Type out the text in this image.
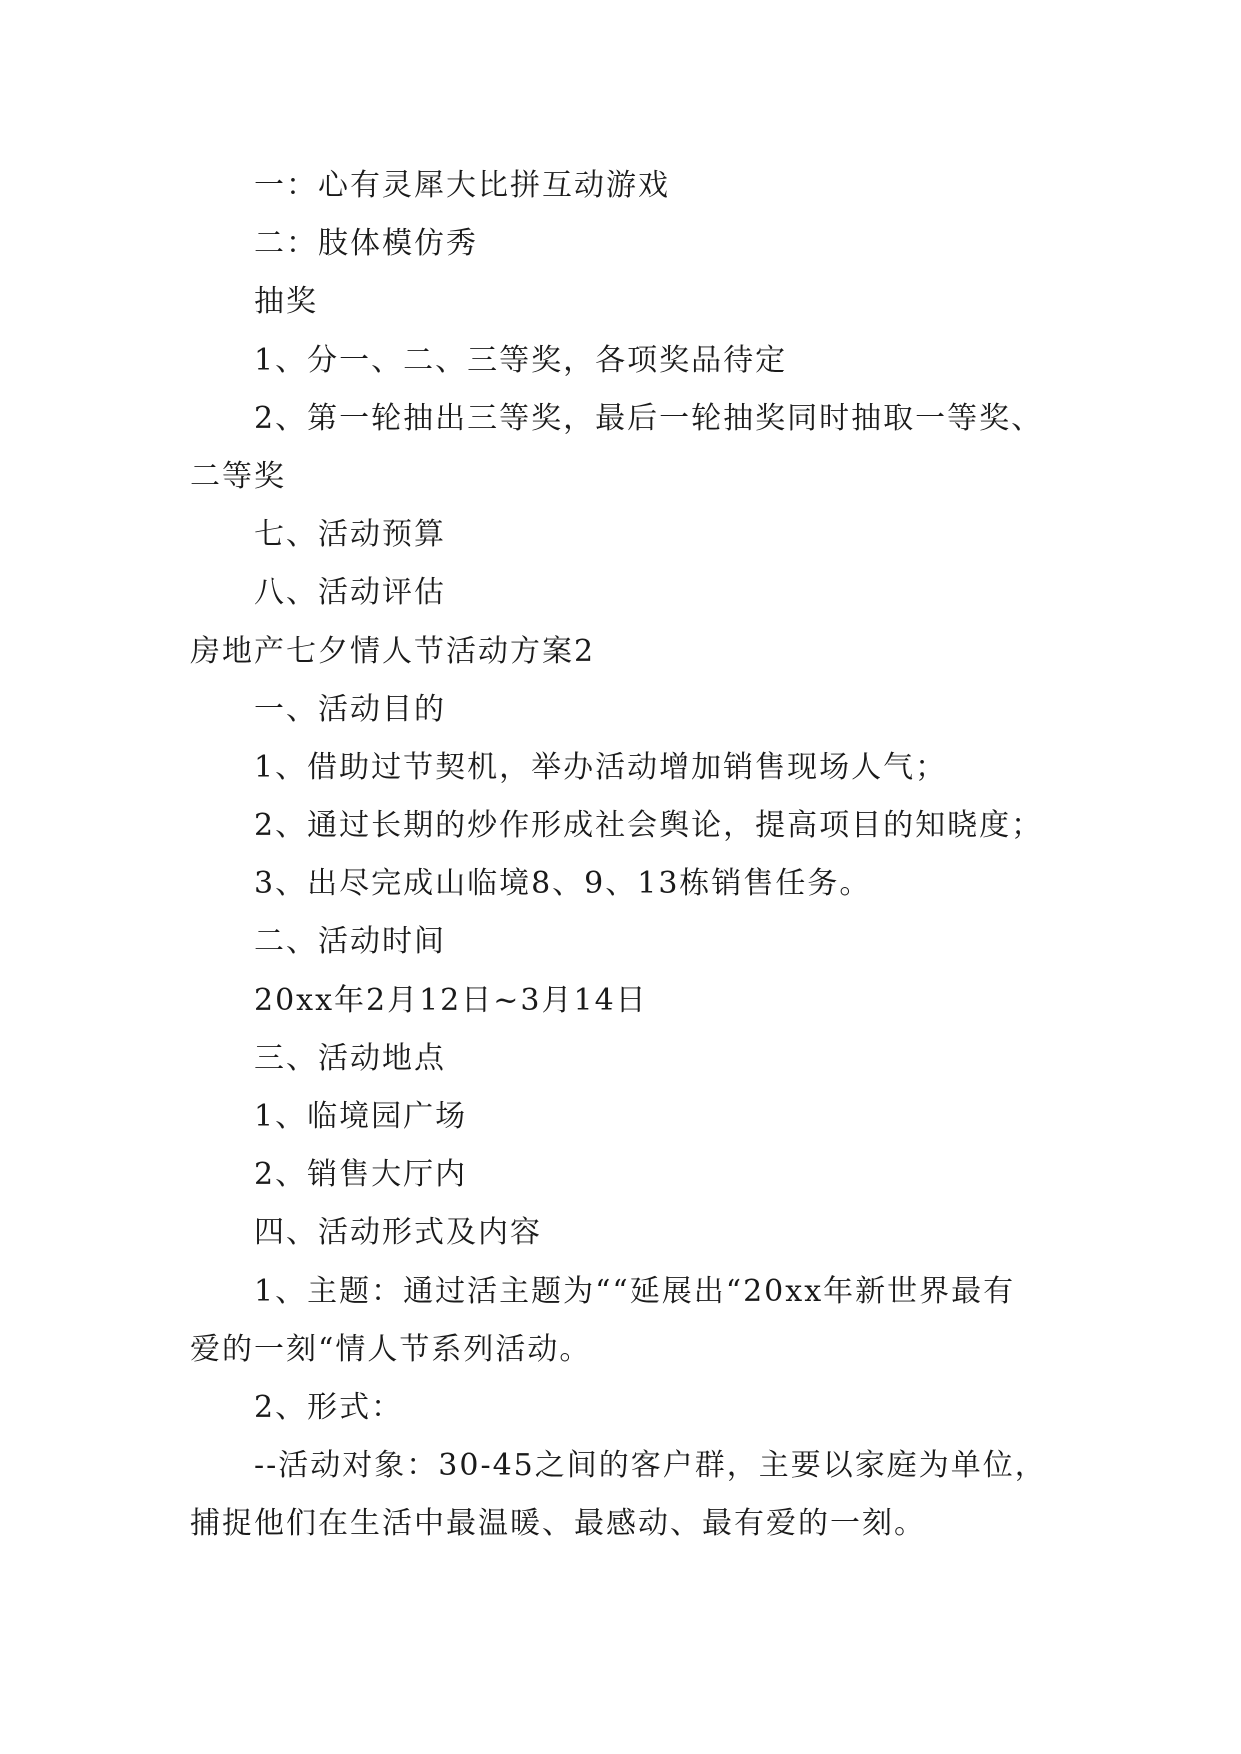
一：心有灵犀大比拼互动游戏
二：肢体模仿秀
抽奖
1、分一、二、三等奖，各项奖品待定
2、第一轮抽出三等奖，最后一轮抽奖同时抽取一等奖、
二等奖
七、活动预算
八、活动评估
房地产七夕情人节活动方案2
一、活动目的
1、借助过节契机，举办活动增加销售现场人气；
2、通过长期的炒作形成社会舆论，提高项目的知晓度；
3、出尽完成山临境8、9、13栋销售任务。
二、活动时间
20xx年2月12日~3月14日
三、活动地点
1、临境园广场
2、销售大厅内
四、活动形式及内容
1、主题：通过活主题为““延展出“20xx年新世界最有
爱的一刻“情人节系列活动。
2、形式：
--活动对象：30-45之间的客户群，主要以家庭为单位，
捕捉他们在生活中最温暖、最感动、最有爱的一刻。
